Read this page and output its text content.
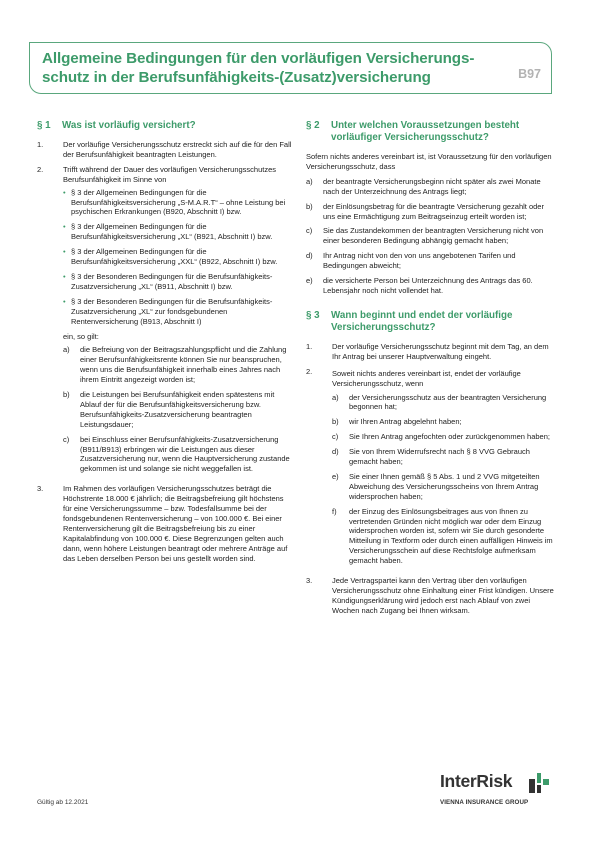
Allgemeine Bedingungen für den vorläufigen Versicherungs-
schutz in der Berufsunfähigkeits-(Zusatz)versicherung	B97
§ 1	Was ist vorläufig versichert?
1.	Der vorläufige Versicherungsschutz erstreckt sich auf die für den Fall der Berufsunfähigkeit beantragten Leistungen.
2.	Trifft während der Dauer des vorläufigen Versicherungsschutzes Berufsunfähigkeit im Sinne von
• § 3 der Allgemeinen Bedingungen für die Berufsunfähigkeitsversicherung „S-M.A.R.T“ – ohne Leistung bei psychischen Erkrankungen (B920, Abschnitt I) bzw.
• § 3 der Allgemeinen Bedingungen für die Berufsunfähigkeitsversicherung „XL“ (B921, Abschnitt I) bzw.
• § 3 der Allgemeinen Bedingungen für die Berufsunfähigkeitsversicherung „XXL“ (B922, Abschnitt I) bzw.
• § 3 der Besonderen Bedingungen für die Berufsunfähigkeits-Zusatzversicherung „XL“ (B911, Abschnitt I) bzw.
• § 3 der Besonderen Bedingungen für die Berufsunfähigkeits-Zusatzversicherung „XL“ zur fondsgebundenen Rentenversicherung (B913, Abschnitt I)
ein, so gilt:
a)	die Befreiung von der Beitragszahlungspflicht und die Zahlung einer Berufsunfähigkeitsrente können Sie nur beanspruchen, wenn uns die Berufsunfähigkeit innerhalb eines Jahres nach ihrem Eintritt angezeigt worden ist;
b)	die Leistungen bei Berufsunfähigkeit enden spätestens mit Ablauf der für die Berufsunfähigkeitsversicherung bzw. Berufsunfähigkeits-Zusatzversicherung beantragten Leistungsdauer;
c)	bei Einschluss einer Berufsunfähigkeits-Zusatzversicherung (B911/B913) erbringen wir die Leistungen aus dieser Zusatzversicherung nur, wenn die Hauptversicherung zustande gekommen ist und solange sie nicht weggefallen ist.
3.	Im Rahmen des vorläufigen Versicherungsschutzes beträgt die Höchstrente 18.000 € jährlich; die Beitragsbefreiung gilt höchstens für eine Versicherungssumme – bzw. Todesfallsumme bei der fondsgebundenen Rentenversicherung – von 100.000 €. Bei einer Rentenversicherung gilt die Beitragsbefreiung bis zu einer Kapitalabfindung von 100.000 €. Diese Begrenzungen gelten auch dann, wenn höhere Leistungen beantragt oder mehrere Anträge auf das Leben derselben Person bei uns gestellt worden sind.
§ 2	Unter welchen Voraussetzungen besteht vorläufiger Versicherungsschutz?
Sofern nichts anderes vereinbart ist, ist Voraussetzung für den vorläufigen Versicherungsschutz, dass
a)	der beantragte Versicherungsbeginn nicht später als zwei Monate nach der Unterzeichnung des Antrags liegt;
b)	der Einlösungsbetrag für die beantragte Versicherung gezahlt oder uns eine Ermächtigung zum Beitragseinzug erteilt worden ist;
c)	Sie das Zustandekommen der beantragten Versicherung nicht von einer besonderen Bedingung abhängig gemacht haben;
d)	Ihr Antrag nicht von den von uns angebotenen Tarifen und Bedingungen abweicht;
e)	die versicherte Person bei Unterzeichnung des Antrags das 60. Lebensjahr noch nicht vollendet hat.
§ 3	Wann beginnt und endet der vorläufige Versicherungsschutz?
1.	Der vorläufige Versicherungsschutz beginnt mit dem Tag, an dem Ihr Antrag bei unserer Hauptverwaltung eingeht.
2.	Soweit nichts anderes vereinbart ist, endet der vorläufige Versicherungsschutz, wenn
a)	der Versicherungsschutz aus der beantragten Versicherung begonnen hat;
b)	wir Ihren Antrag abgelehnt haben;
c)	Sie Ihren Antrag angefochten oder zurückgenommen haben;
d)	Sie von Ihrem Widerrufsrecht nach § 8 VVG Gebrauch gemacht haben;
e)	Sie einer Ihnen gemäß § 5 Abs. 1 und 2 VVG mitgeteilten Abweichung des Versicherungsscheins von Ihrem Antrag widersprochen haben;
f)	der Einzug des Einlösungsbeitrages aus von Ihnen zu vertretenden Gründen nicht möglich war oder dem Einzug widersprochen worden ist, sofern wir Sie durch gesonderte Mitteilung in Textform oder durch einen auffälligen Hinweis im Versicherungsschein auf diese Rechtsfolge aufmerksam gemacht haben.
3.	Jede Vertragspartei kann den Vertrag über den vorläufigen Versicherungsschutz ohne Einhaltung einer Frist kündigen. Unsere Kündigungserklärung wird jedoch erst nach Ablauf von zwei Wochen nach Zugang bei Ihnen wirksam.
Gültig ab 12.2021
InterRisk
VIENNA INSURANCE GROUP
